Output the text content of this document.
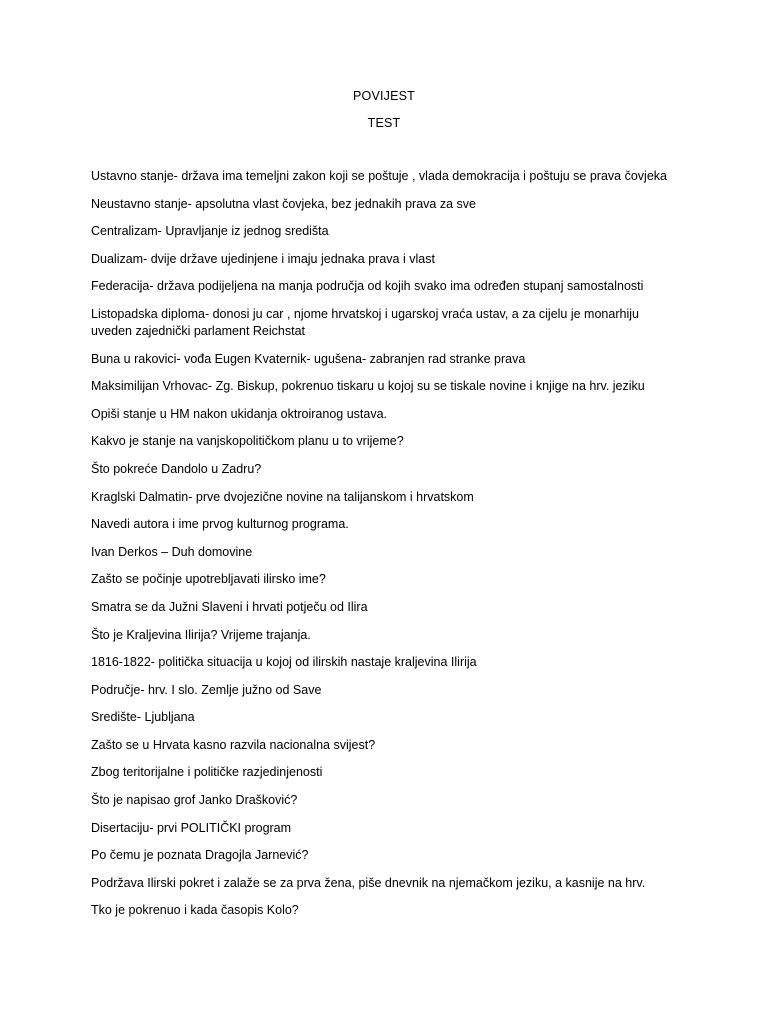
POVIJEST
TEST

Ustavno stanje- država ima temeljni zakon koji se poštuje , vlada demokracija i poštuju se prava čovjeka

Neustavno stanje- apsolutna vlast čovjeka, bez jednakih prava za sve

Centralizam- Upravljanje iz jednog središta

Dualizam- dvije države ujedinjene i imaju jednaka prava i vlast

Federacija- država podijeljena na manja područja od kojih svako ima određen stupanj samostalnosti

Listopadska diploma- donosi ju car , njome hrvatskoj i ugarskoj vraća ustav, a za cijelu je monarhiju uveden zajednički parlament Reichstat

Buna u rakovici- vođa Eugen Kvaternik- ugušena- zabranjen rad stranke prava

Maksimilijan Vrhovac- Zg. Biskup, pokrenuo tiskaru u kojoj su se tiskale novine i knjige na hrv. jeziku

Opiši stanje u HM nakon ukidanja oktroiranog ustava.

Kakvo je stanje na vanjskopolitičkom planu u to vrijeme?

Što pokreće Dandolo u Zadru?

Kraglski Dalmatin- prve dvojezične novine na talijanskom i hrvatskom

Navedi autora i ime prvog kulturnog programa.

Ivan Derkos – Duh domovine

Zašto se počinje upotrebljavati ilirsko ime?

Smatra se da Južni Slaveni i hrvati potječu od Ilira

Što je Kraljevina Ilirija? Vrijeme trajanja.

1816-1822- politička situacija u kojoj od ilirskih nastaje kraljevina Ilirija

Područje- hrv. I slo. Zemlje južno od Save

Središte- Ljubljana

Zašto se u Hrvata kasno razvila nacionalna svijest?

Zbog teritorijalne i političke razjedinjenosti

Što je napisao grof Janko Drašković?

Disertaciju- prvi POLITIČKI program

Po čemu je poznata Dragojla Jarnević?

Podržava Ilirski pokret i zalaže se za prva žena, piše dnevnik na njemačkom jeziku, a kasnije na hrv.

Tko je pokrenuo i kada časopis Kolo?
